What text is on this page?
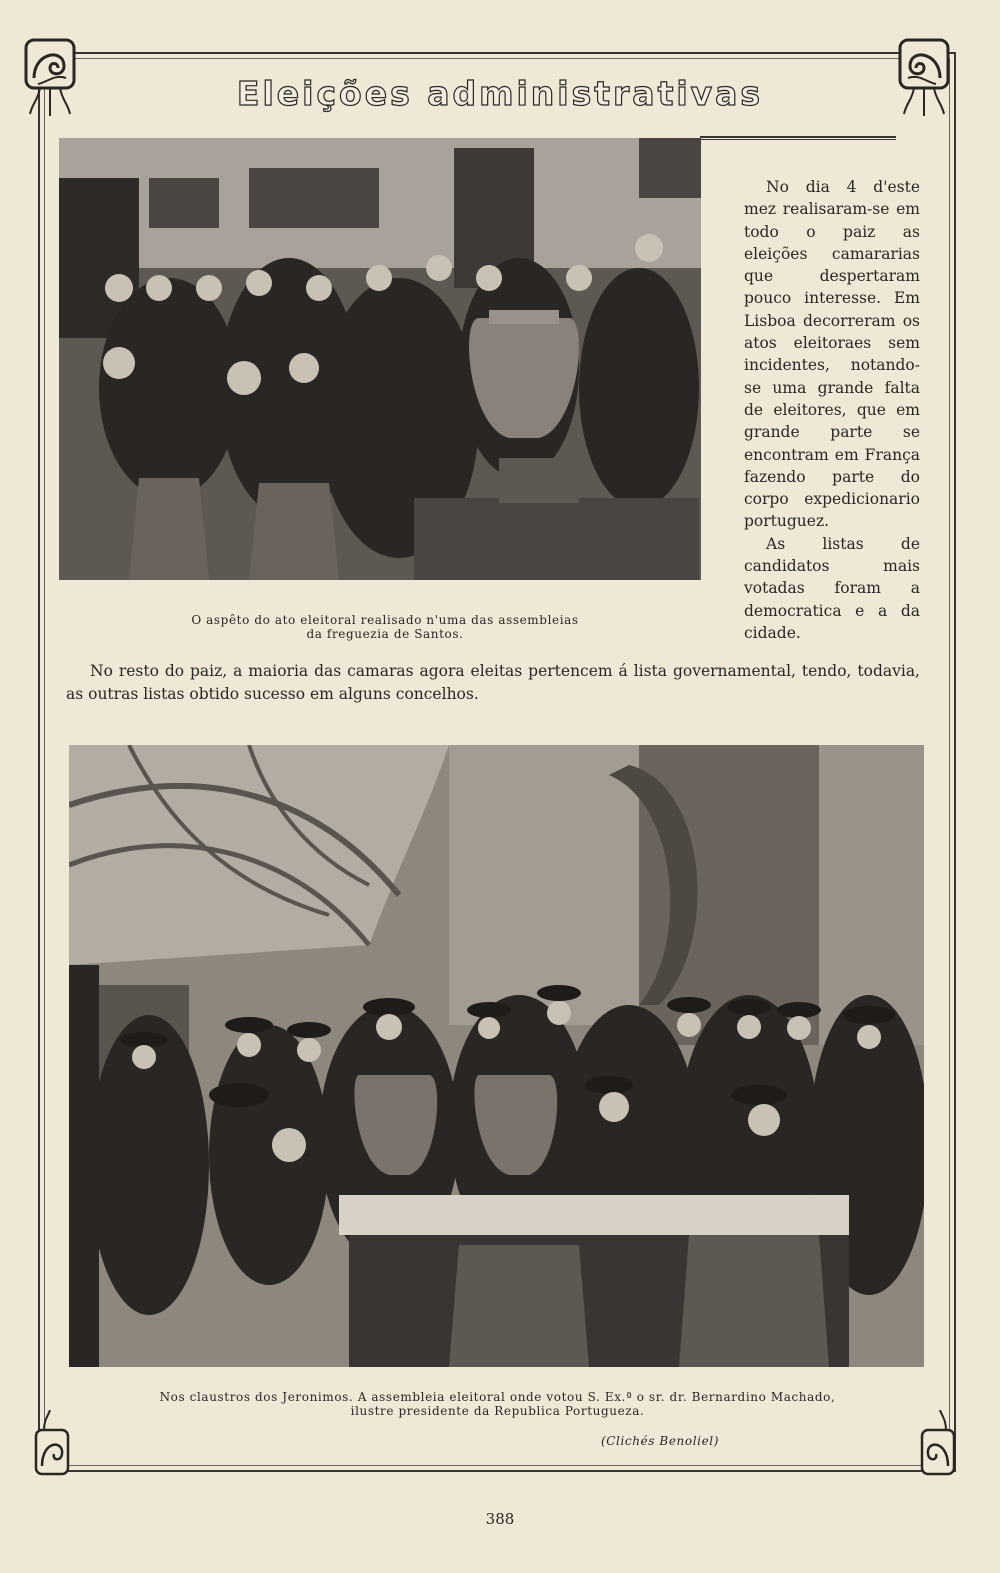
Eleições administrativas
O aspêto do ato eleitoral realisado n'uma das assembleias
da freguezia de Santos.

No dia 4 d'este mez realisaram-se em todo o paiz as eleições camararias que despertaram pouco interesse. Em Lisboa decorreram os atos eleitoraes sem incidentes, notando-se uma grande falta de eleitores, que em grande parte se encontram em França fazendo parte do corpo expedicionario portuguez.

As listas de candidatos mais votadas foram a democratica e a da cidade.

No resto do paiz, a maioria das camaras agora eleitas pertencem á lista governamental, tendo, todavia, as outras listas obtido sucesso em alguns concelhos.

Nos claustros dos Jeronimos. A assembleia eleitoral onde votou S. Ex.ª o sr. dr. Bernardino Machado,
ilustre presidente da Republica Portugueza.
(Clichés Benoliel)
388
